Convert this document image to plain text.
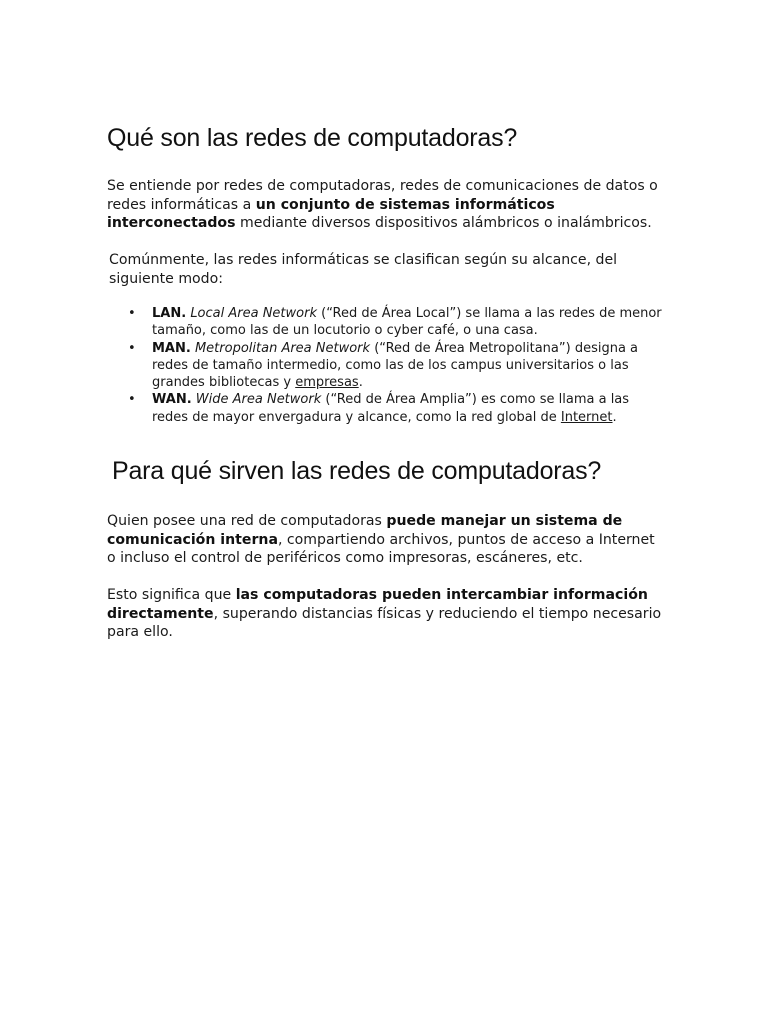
Qué son las redes de computadoras?

Se entiende por redes de computadoras, redes de comunicaciones de datos o redes informáticas a un conjunto de sistemas informáticos interconectados mediante diversos dispositivos alámbricos o inalámbricos.

Comúnmente, las redes informáticas se clasifican según su alcance, del siguiente modo:

• LAN. Local Area Network (“Red de Área Local”) se llama a las redes de menor tamaño, como las de un locutorio o cyber café, o una casa.
• MAN. Metropolitan Area Network (“Red de Área Metropolitana”) designa a redes de tamaño intermedio, como las de los campus universitarios o las grandes bibliotecas y empresas.
• WAN. Wide Area Network (“Red de Área Amplia”) es como se llama a las redes de mayor envergadura y alcance, como la red global de Internet.
Para qué sirven las redes de computadoras?

Quien posee una red de computadoras puede manejar un sistema de comunicación interna, compartiendo archivos, puntos de acceso a Internet o incluso el control de periféricos como impresoras, escáneres, etc.

Esto significa que las computadoras pueden intercambiar información directamente, superando distancias físicas y reduciendo el tiempo necesario para ello.
